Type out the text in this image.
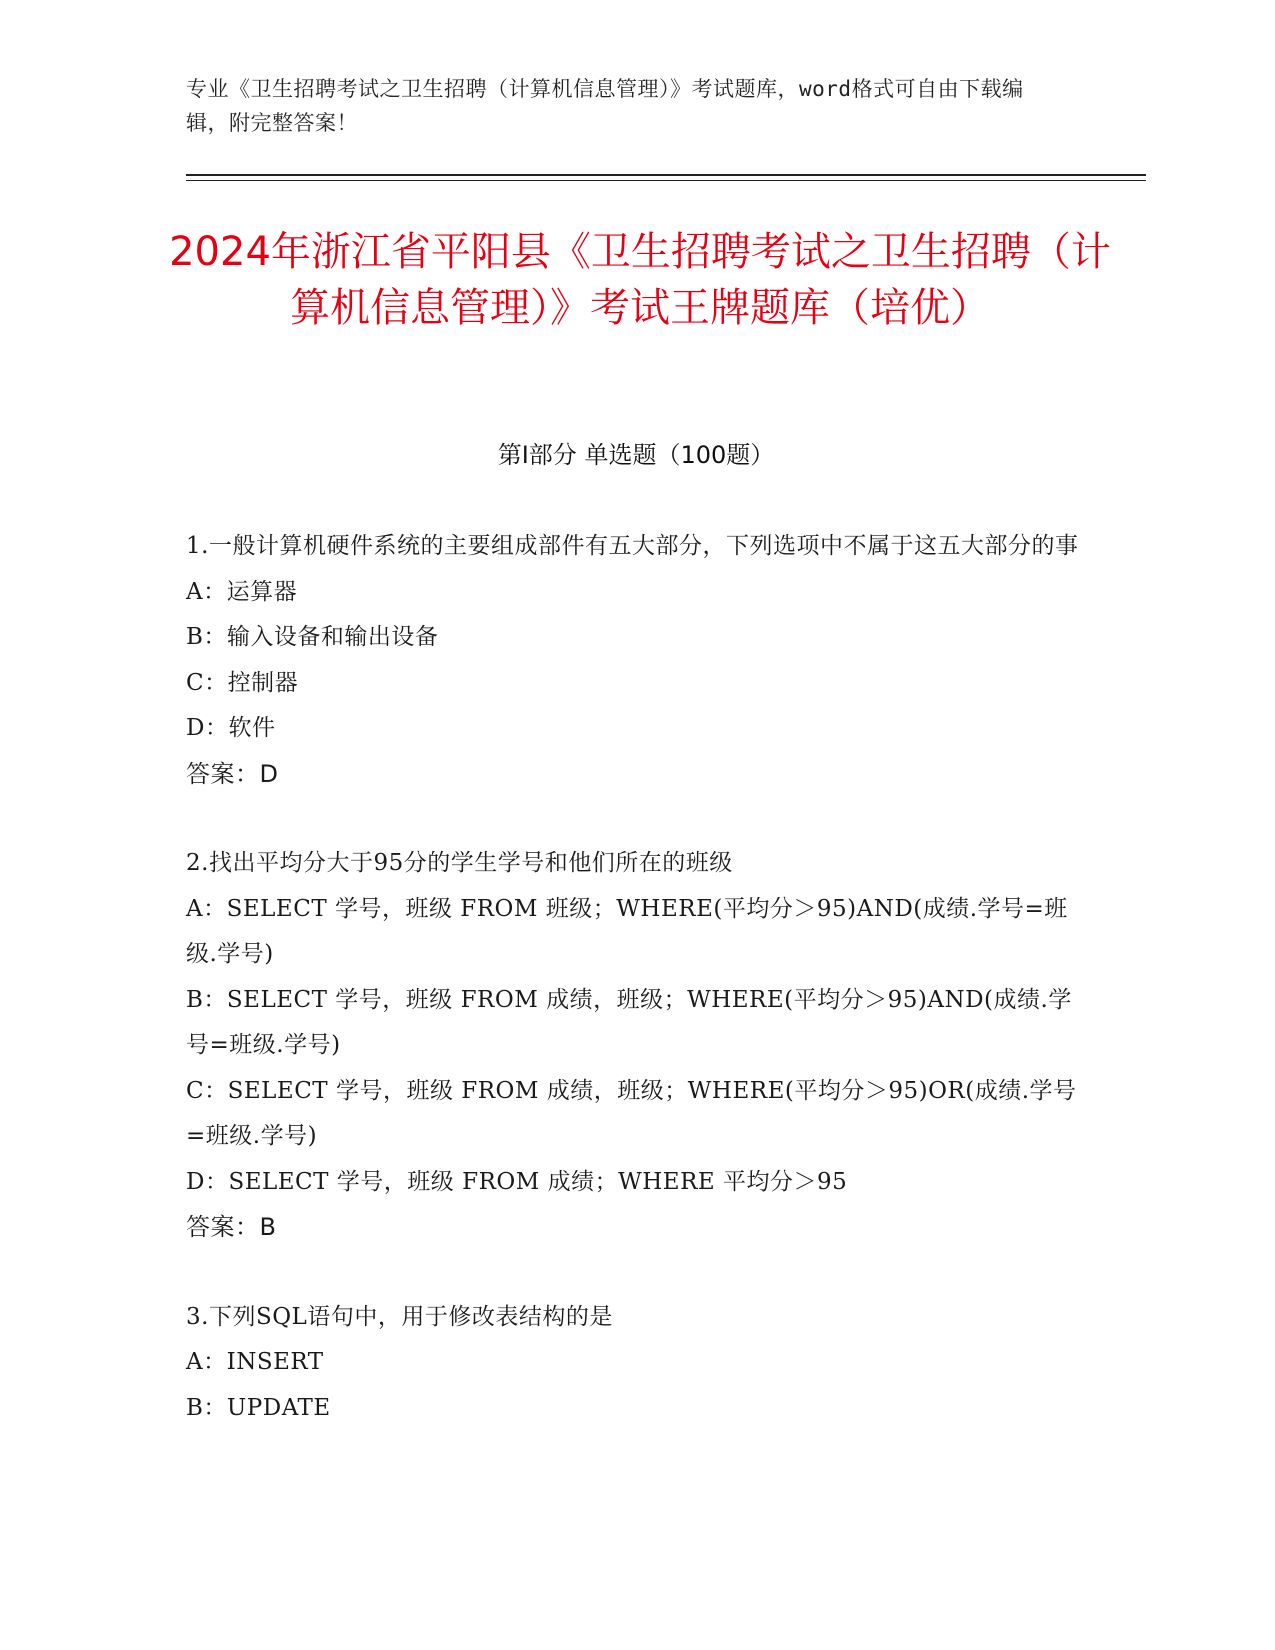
专业《卫生招聘考试之卫生招聘（计算机信息管理）》考试题库，word格式可自由下载编辑，附完整答案！
2024年浙江省平阳县《卫生招聘考试之卫生招聘（计算机信息管理）》考试王牌题库（培优）
第Ⅰ部分 单选题（100题）

1.一般计算机硬件系统的主要组成部件有五大部分，下列选项中不属于这五大部分的事

A：运算器

B：输入设备和输出设备

C：控制器

D：软件

答案：D

2.找出平均分大于95分的学生学号和他们所在的班级

A：SELECT 学号，班级 FROM 班级；WHERE(平均分＞95)AND(成绩.学号=班级.学号)

B：SELECT 学号，班级 FROM 成绩，班级；WHERE(平均分＞95)AND(成绩.学号=班级.学号)

C：SELECT 学号，班级 FROM 成绩，班级；WHERE(平均分＞95)OR(成绩.学号=班级.学号)

D：SELECT 学号，班级 FROM 成绩；WHERE 平均分＞95

答案：B

3.下列SQL语句中，用于修改表结构的是

A：INSERT

B：UPDATE
